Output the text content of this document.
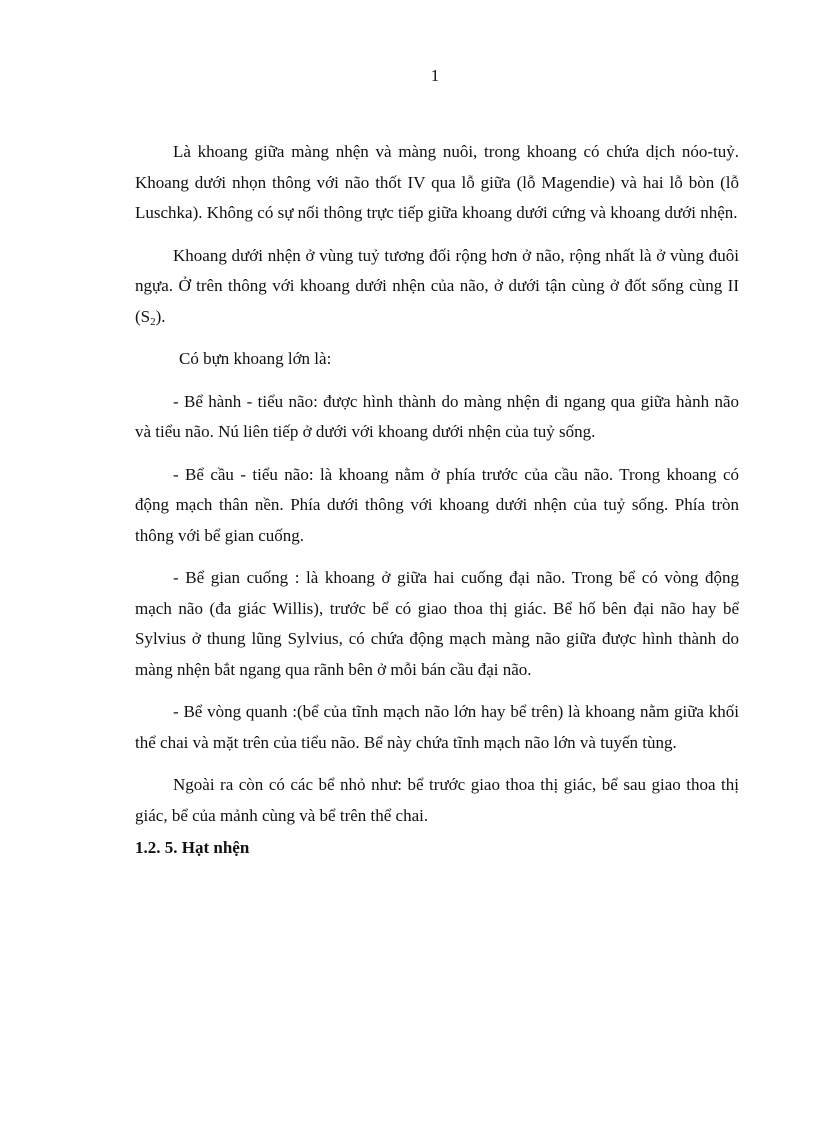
1

Là khoang giữa màng nhện và màng nuôi, trong khoang có chứa dịch nóo-tuỷ. Khoang dưới nhọn thông với não thốt IV qua lỗ giữa (lỗ Magendie) và hai lỗ bòn (lỗ Luschka). Không có sự nối thông trực tiếp giữa khoang dưới cứng và khoang dưới nhện.

Khoang dưới nhện ở vùng tuỷ tương đối rộng hơn ở não, rộng nhất là ở vùng đuôi ngựa. Ở trên thông với khoang dưới nhện của não, ở dưới tận cùng ở đốt sống cùng II $(S_2)$.

Có bựn khoang lớn là:

- Bể hành - tiểu não: được hình thành do màng nhện đi ngang qua giữa hành não và tiểu não. Nú liên tiếp ở dưới với khoang dưới nhện của tuỷ sống.

- Bể cầu - tiểu não: là khoang nằm ở phía trước của cầu não. Trong khoang có động mạch thân nền. Phía dưới thông với khoang dưới nhện của tuỷ sống. Phía tròn thông với bể gian cuống.

- Bể gian cuống : là khoang ở giữa hai cuống đại não. Trong bể có vòng động mạch não (đa giác Willis), trước bể có giao thoa thị giác. Bể hố bên đại não hay bể Sylvius ở thung lũng Sylvius, có chứa động mạch màng não giữa được hình thành do màng nhện bắt ngang qua rãnh bên ở mỗi bán cầu đại não.

- Bể vòng quanh :(bể của tĩnh mạch não lớn hay bể trên) là khoang nằm giữa khối thể chai và mặt trên của tiểu não. Bể này chứa tĩnh mạch não lớn và tuyến tùng.

Ngoài ra còn có các bể nhỏ như: bể trước giao thoa thị giác, bể sau giao thoa thị giác, bể của mảnh cùng và bể trên thể chai.

1.2. 5. Hạt nhện
